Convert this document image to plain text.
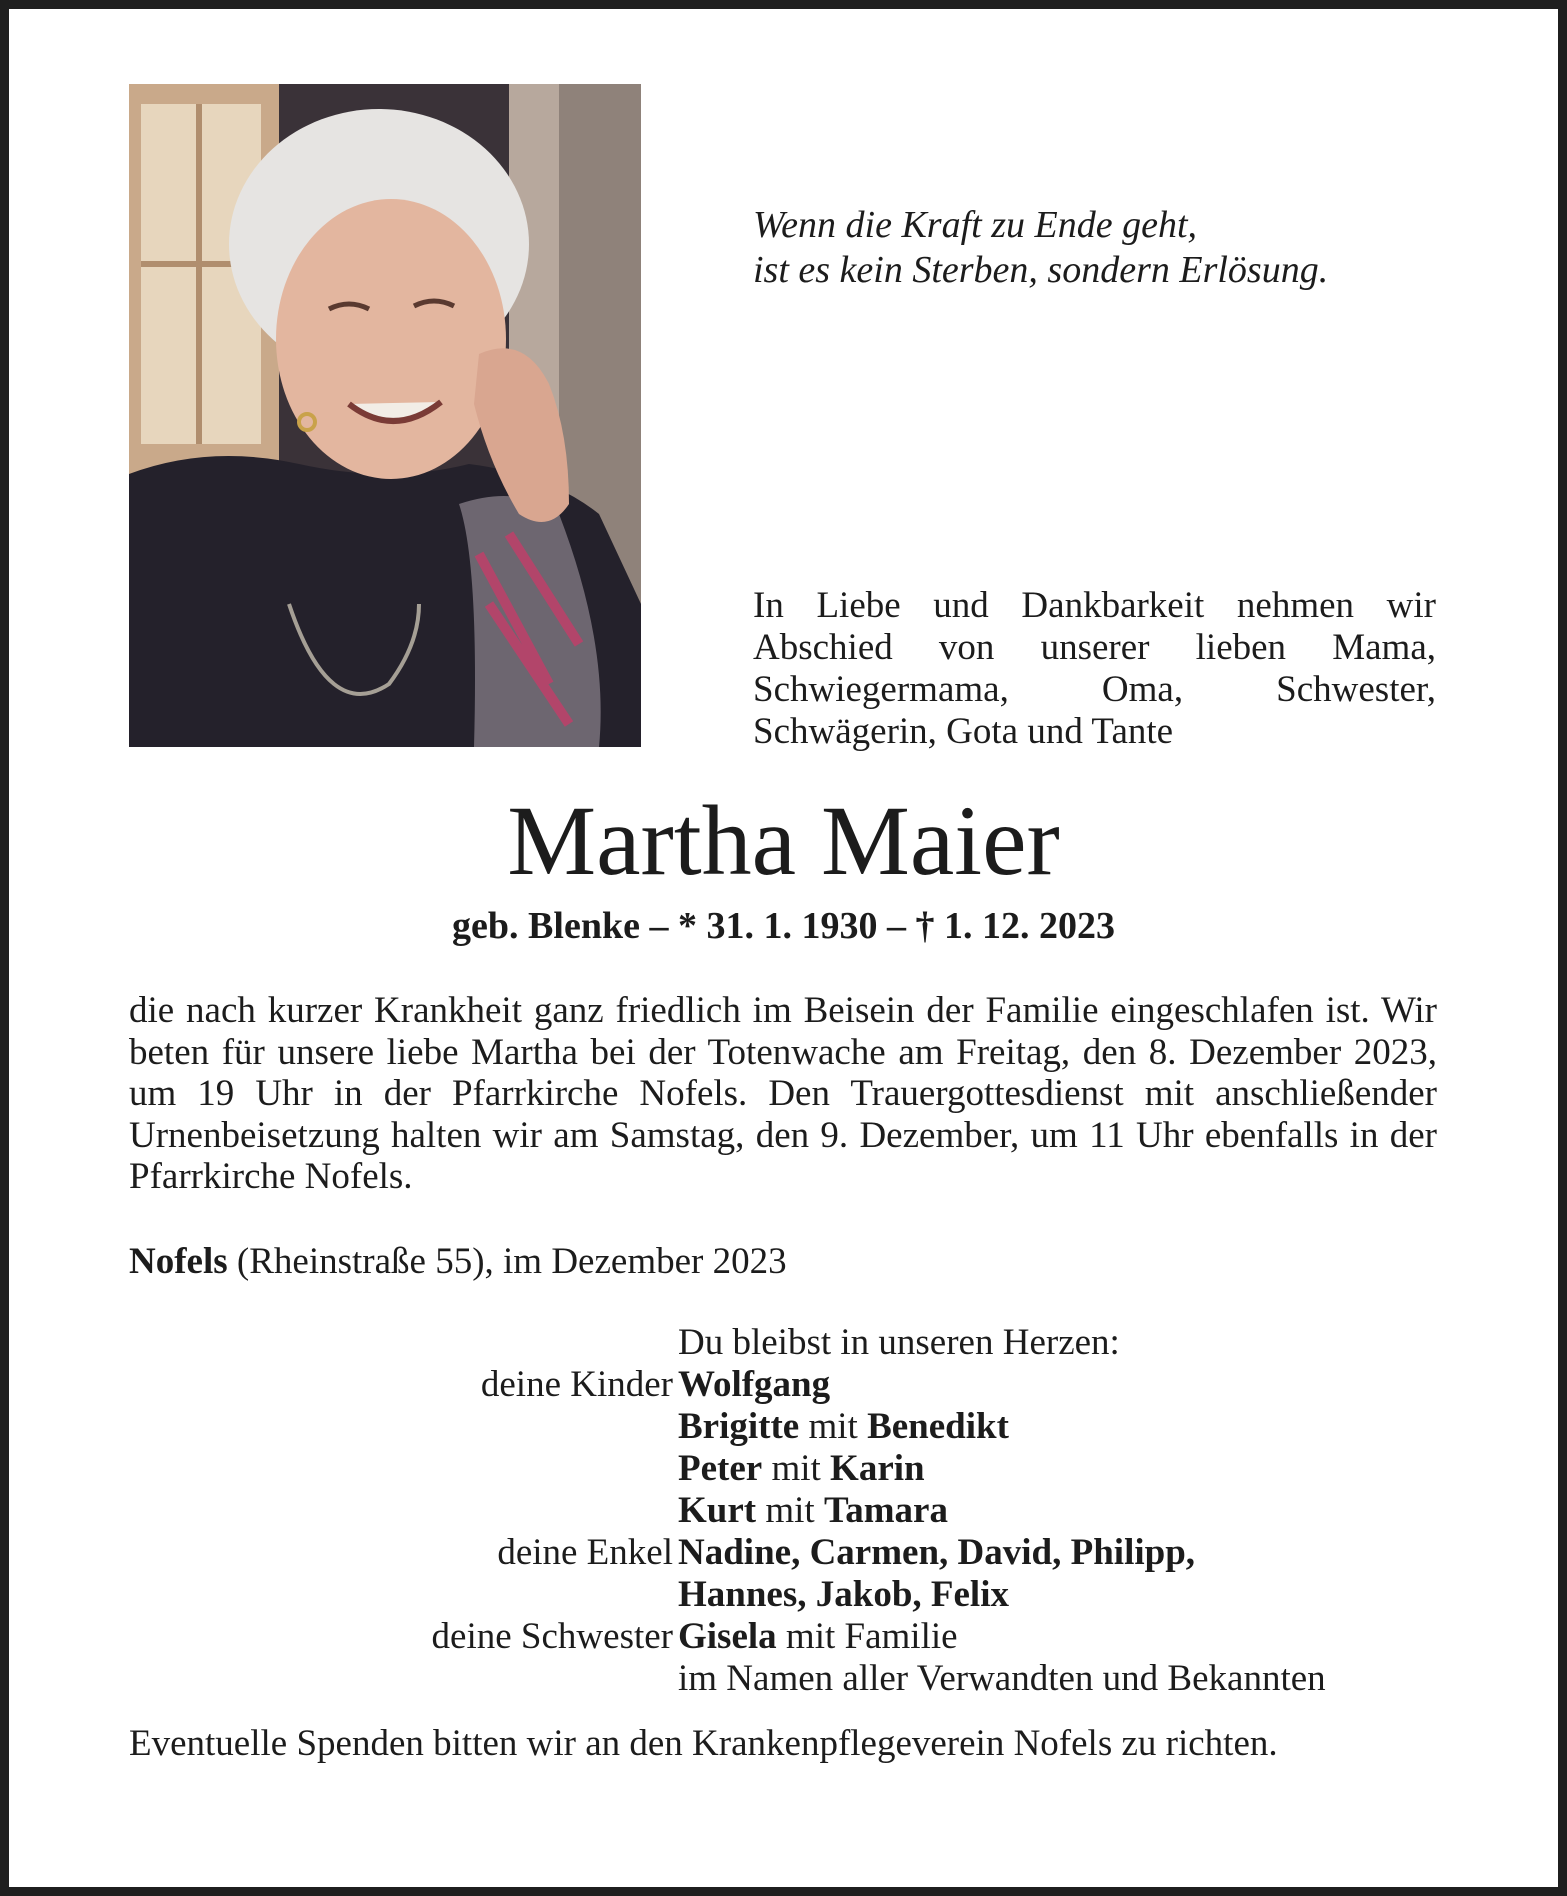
Wenn die Kraft zu Ende geht,
ist es kein Sterben, sondern Erlösung.
In Liebe und Dankbarkeit nehmen wir Abschied von unserer lieben Mama, Schwiegermama, Oma, Schwester, Schwägerin, Gota und Tante
Martha Maier
geb. Blenke – * 31. 1. 1930 – † 1. 12. 2023
die nach kurzer Krankheit ganz friedlich im Beisein der Familie eingeschlafen ist. Wir beten für unsere liebe Martha bei der Totenwache am Freitag, den 8. Dezember 2023, um 19 Uhr in der Pfarrkirche Nofels. Den Trauergottesdienst mit anschließender Urnenbeisetzung halten wir am Samstag, den 9. Dezember, um 11 Uhr ebenfalls in der Pfarrkirche Nofels.
Nofels (Rheinstraße 55), im Dezember 2023
Du bleibst in unseren Herzen:
deine Kinder Wolfgang
Brigitte mit Benedikt
Peter mit Karin
Kurt mit Tamara
deine Enkel Nadine, Carmen, David, Philipp,
Hannes, Jakob, Felix
deine Schwester Gisela mit Familie
im Namen aller Verwandten und Bekannten
Eventuelle Spenden bitten wir an den Krankenpflegeverein Nofels zu richten.
